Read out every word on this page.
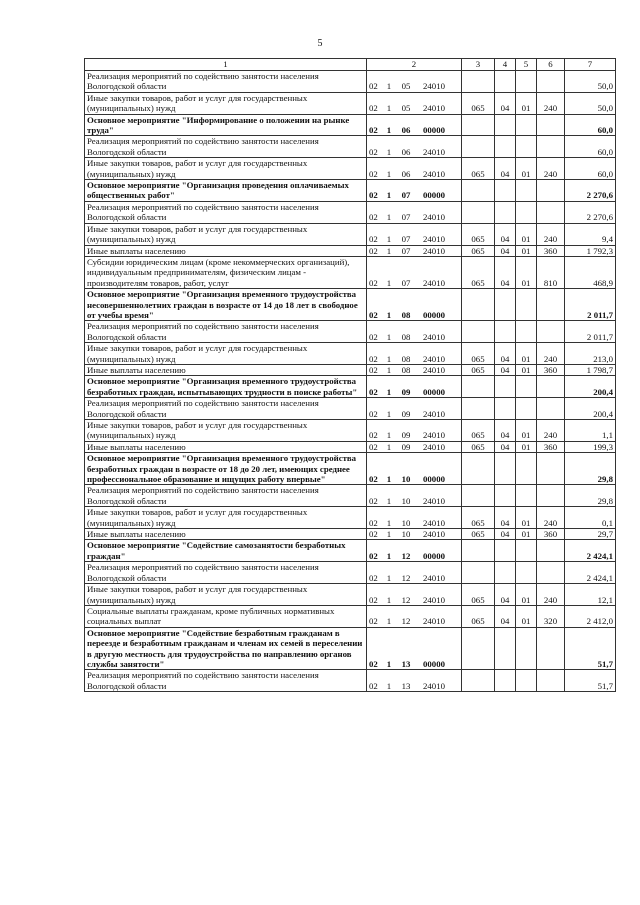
5
1	2	3	4	5	6	7
Реализация мероприятий по содействию занятости населения Вологодской области	02 1 05 24010					50,0
Иные закупки товаров, работ и услуг для государственных (муниципальных) нужд	02 1 05 24010	065	04	01	240	50,0
Основное мероприятие "Информирование о положении на рынке труда"	02 1 06 00000					60,0
Реализация мероприятий по содействию занятости населения Вологодской области	02 1 06 24010					60,0
Иные закупки товаров, работ и услуг для государственных (муниципальных) нужд	02 1 06 24010	065	04	01	240	60,0
Основное мероприятие "Организация проведения оплачиваемых общественных работ"	02 1 07 00000					2 270,6
Реализация мероприятий по содействию занятости населения Вологодской области	02 1 07 24010					2 270,6
Иные закупки товаров, работ и услуг для государственных (муниципальных) нужд	02 1 07 24010	065	04	01	240	9,4
Иные выплаты населению	02 1 07 24010	065	04	01	360	1 792,3
Субсидии юридическим лицам (кроме некоммерческих организаций), индивидуальным предпринимателям, физическим лицам - производителям товаров, работ, услуг	02 1 07 24010	065	04	01	810	468,9
Основное мероприятие "Организация временного трудоустройства несовершеннолетних граждан в возрасте от 14 до 18 лет в свободное от учебы время"	02 1 08 00000					2 011,7
Реализация мероприятий по содействию занятости населения Вологодской области	02 1 08 24010					2 011,7
Иные закупки товаров, работ и услуг для государственных (муниципальных) нужд	02 1 08 24010	065	04	01	240	213,0
Иные выплаты населению	02 1 08 24010	065	04	01	360	1 798,7
Основное мероприятие "Организация временного трудоустройства безработных граждан, испытывающих трудности в поиске работы"	02 1 09 00000					200,4
Реализация мероприятий по содействию занятости населения Вологодской области	02 1 09 24010					200,4
Иные закупки товаров, работ и услуг для государственных (муниципальных) нужд	02 1 09 24010	065	04	01	240	1,1
Иные выплаты населению	02 1 09 24010	065	04	01	360	199,3
Основное мероприятие "Организация временного трудоустройства безработных граждан в возрасте от 18 до 20 лет, имеющих среднее профессиональное образование и ищущих работу впервые"	02 1 10 00000					29,8
Реализация мероприятий по содействию занятости населения Вологодской области	02 1 10 24010					29,8
Иные закупки товаров, работ и услуг для государственных (муниципальных) нужд	02 1 10 24010	065	04	01	240	0,1
Иные выплаты населению	02 1 10 24010	065	04	01	360	29,7
Основное мероприятие "Содействие самозанятости безработных граждан"	02 1 12 00000					2 424,1
Реализация мероприятий по содействию занятости населения Вологодской области	02 1 12 24010					2 424,1
Иные закупки товаров, работ и услуг для государственных (муниципальных) нужд	02 1 12 24010	065	04	01	240	12,1
Социальные выплаты гражданам, кроме публичных нормативных социальных выплат	02 1 12 24010	065	04	01	320	2 412,0
Основное мероприятие "Содействие безработным гражданам в переезде и безработным гражданам и членам их семей в переселении в другую местность для трудоустройства по направлению органов службы занятости"	02 1 13 00000					51,7
Реализация мероприятий по содействию занятости населения Вологодской области	02 1 13 24010					51,7
